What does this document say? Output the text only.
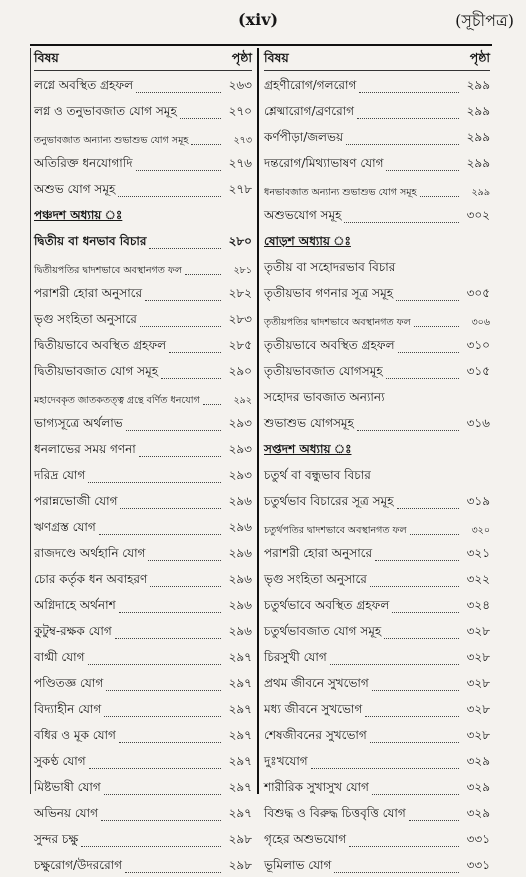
(xiv)	(সূচীপত্র)
বিষয়	পৃষ্ঠা
লগ্নে অবস্থিত গ্রহফল	২৬৩
লগ্ন ও তনুভাবজাত যোগ সমূহ	২৭০
তনুভাবজাত অন্যান্য শুভাশুভ যোগ সমূহ	২৭৩
অতিরিক্ত ধনযোগাদি	২৭৬
অশুভ যোগ সমূহ	২৭৮
পঞ্চদশ অধ্যায় ঃ
দ্বিতীয় বা ধনভাব বিচার	২৮০
দ্বিতীয়পতির দ্বাদশভাবে অবস্থানগত ফল	২৮১
পরাশরী হোরা অনুসারে	২৮২
ভৃগু সংহিতা অনুসারে	২৮৩
দ্বিতীয়ভাবে অবস্থিত গ্রহফল	২৮৫
দ্বিতীয়ভাবজাত যোগ সমূহ	২৯০
মহাদেবকৃত জাতকতত্ত্ব গ্রন্থে বর্ণিত ধনযোগ	২৯২
ভাগ্যসূত্রে অর্থলাভ	২৯৩
ধনলাভের সময় গণনা	২৯৩
দরিদ্র যোগ	২৯৩
পরান্নভোজী যোগ	২৯৬
ঋণগ্রস্ত যোগ	২৯৬
রাজদণ্ডে অর্থহানি যোগ	২৯৬
চোর কর্তৃক ধন অবাহরণ	২৯৬
অগ্নিদাহে অর্থনাশ	২৯৬
কুটুম্ব-রক্ষক যোগ	২৯৬
বাগ্মী যোগ	২৯৭
পণ্ডিতজ্ঞ যোগ	২৯৭
বিদ্যাহীন যোগ	২৯৭
বধির ও মূক যোগ	২৯৭
সুকণ্ঠ যোগ	২৯৭
মিষ্টভাষী যোগ	২৯৭
অভিনয় যোগ	২৯৭
সুন্দর চক্ষু	২৯৮
চক্ষুরোগ/উদররোগ	২৯৮
বিষয়	পৃষ্ঠা
গ্রহণীরোগ/গলরোগ	২৯৯
শ্লেষ্মারোগ/ব্রণরোগ	২৯৯
কর্ণপীড়া/জলভয়	২৯৯
দন্তরোগ/মিথ্যাভাষণ যোগ	২৯৯
ধনভাবজাত অন্যান্য শুভাশুভ যোগ সমূহ	২৯৯
অশুভযোগ সমূহ	৩০২
ষোড়শ অধ্যায় ঃ
তৃতীয় বা সহোদরভাব বিচার
তৃতীয়ভাব গণনার সূত্র সমূহ	৩০৫
তৃতীয়পতির দ্বাদশভাবে অবস্থানগত ফল	৩০৬
তৃতীয়ভাবে অবস্থিত গ্রহফল	৩১০
তৃতীয়ভাবজাত যোগসমূহ	৩১৫
সহোদর ভাবজাত অন্যান্য
শুভাশুভ যোগসমূহ	৩১৬
সপ্তদশ অধ্যায় ঃ
চতুর্থ বা বন্ধুভাব বিচার
চতুর্থভাব বিচারের সূত্র সমূহ	৩১৯
চতুর্থপতির দ্বাদশভাবে অবস্থানগত ফল	৩২০
পরাশরী হোরা অনুসারে	৩২১
ভৃগু সংহিতা অনুসারে	৩২২
চতুর্থভাবে অবস্থিত গ্রহফল	৩২৪
চতুর্থভাবজাত যোগ সমূহ	৩২৮
চিরসুখী যোগ	৩২৮
প্রথম জীবনে সুখভোগ	৩২৮
মধ্য জীবনে সুখভোগ	৩২৮
শেষজীবনের সুখভোগ	৩২৮
দুঃখযোগ	৩২৯
শারীরিক সুখাসুখ যোগ	৩২৯
বিশুদ্ধ ও বিরুদ্ধ চিত্তবৃত্তি যোগ	৩২৯
গৃহের অশুভযোগ	৩৩১
ভূমিলাভ যোগ	৩৩১
